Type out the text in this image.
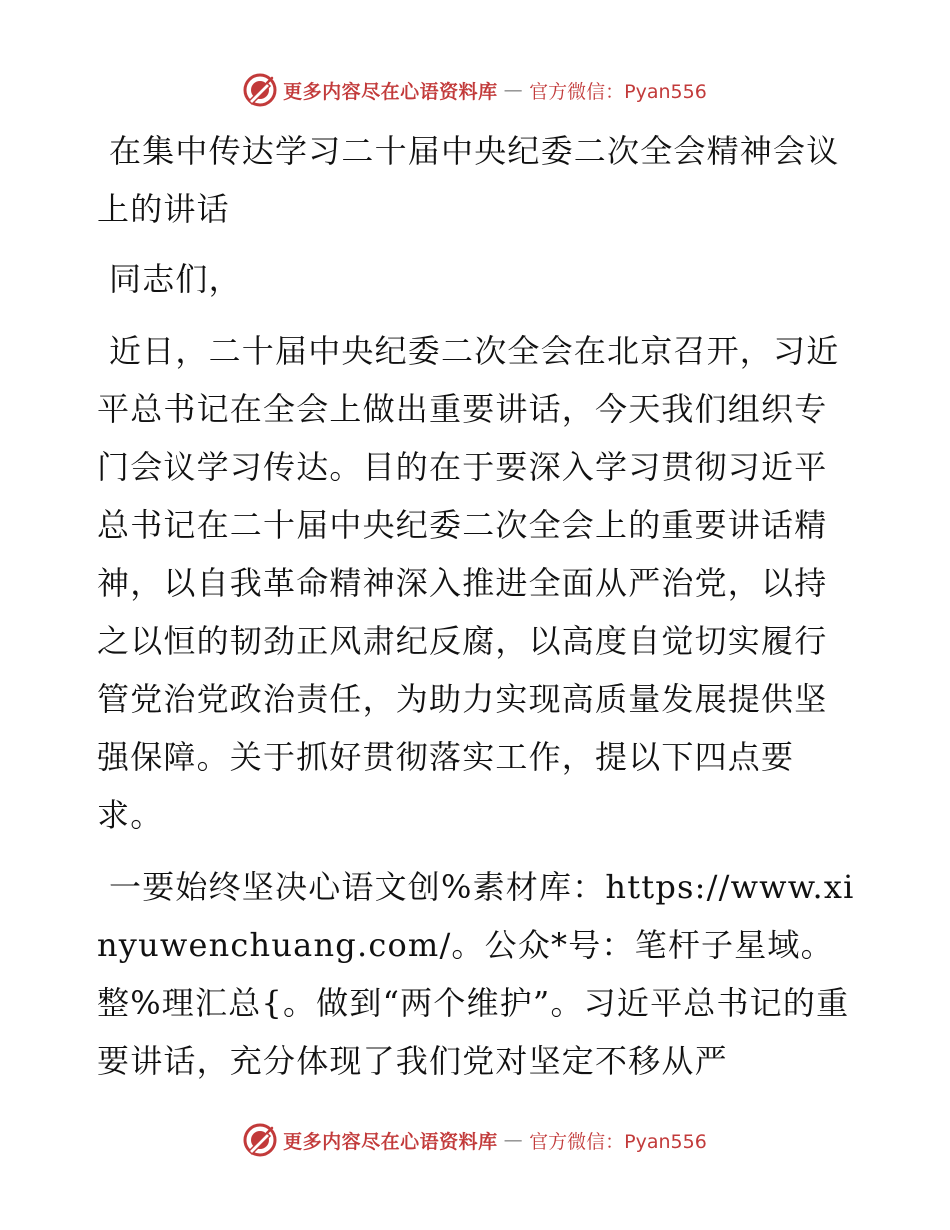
更多内容尽在心语资料库 — 官方微信：Pyan556

在集中传达学习二十届中央纪委二次全会精神会议上的讲话

同志们，

近日，二十届中央纪委二次全会在北京召开，习近平总书记在全会上做出重要讲话，今天我们组织专门会议学习传达。目的在于要深入学习贯彻习近平总书记在二十届中央纪委二次全会上的重要讲话精神，以自我革命精神深入推进全面从严治党，以持之以恒的韧劲正风肃纪反腐，以高度自觉切实履行管党治党政治责任，为助力实现高质量发展提供坚强保障。关于抓好贯彻落实工作，提以下四点要求。

一要始终坚决心语文创%素材库：https://www.xinyuwenchuang.com/。公众*号：笔杆子星域。整%理汇总{。做到“两个维护”。习近平总书记的重要讲话，充分体现了我们党对坚定不移从严

更多内容尽在心语资料库 — 官方微信：Pyan556
